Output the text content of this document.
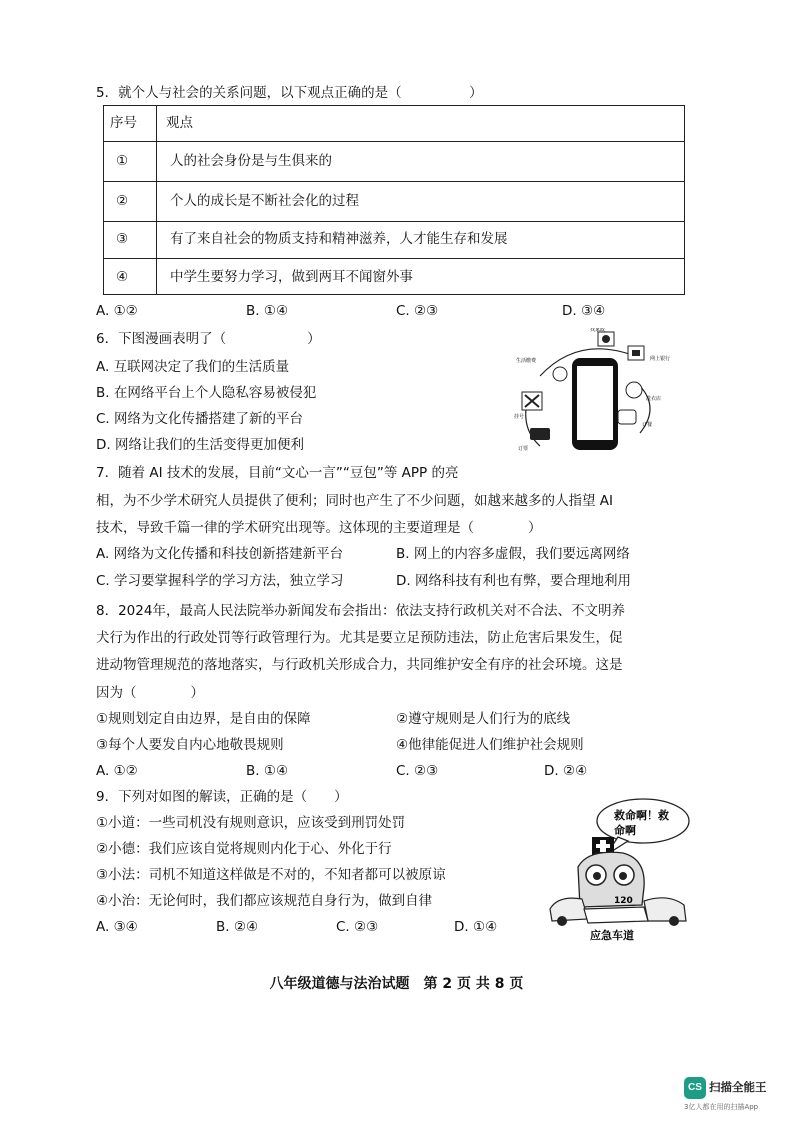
5．就个人与社会的关系问题，以下观点正确的是（　　　　　）
序号 观点
①	人的社会身份是与生俱来的
②	个人的成长是不断社会化的过程
③	有了来自社会的物质支持和精神滋养，人才能生存和发展
④	中学生要努力学习，做到两耳不闻窗外事
A. ①②	B. ①④	C. ②③	D. ③④
6．下图漫画表明了（　　　　　　）
A. 互联网决定了我们的生活质量
B. 在网络平台上个人隐私容易被侵犯
C. 网络为文化传播搭建了新的平台
D. 网络让我们的生活变得更加便利
找家政
生活缴费	网上银行
挂号
洗衣店
订餐
订票
7．随着 AI 技术的发展，目前“文心一言”“豆包”等 APP 的亮
相，为不少学术研究人员提供了便利；同时也产生了不少问题，如越来越多的人指望 AI
技术，导致千篇一律的学术研究出现等。这体现的主要道理是（　　　　）
A. 网络为文化传播和科技创新搭建新平台	B. 网上的内容多虚假，我们要远离网络
C. 学习要掌握科学的学习方法，独立学习	D. 网络科技有利也有弊，要合理地利用
8．2024年，最高人民法院举办新闻发布会指出：依法支持行政机关对不合法、不文明养
犬行为作出的行政处罚等行政管理行为。尤其是要立足预防违法，防止危害后果发生，促
进动物管理规范的落地落实，与行政机关形成合力，共同维护安全有序的社会环境。这是
因为（　　　　）
①规则划定自由边界，是自由的保障	②遵守规则是人们行为的底线
③每个人要发自内心地敬畏规则	④他律能促进人们维护社会规则
A. ①②	B. ①④	C. ②③	D. ②④
9．下列对如图的解读，正确的是（　　）
①小道：一些司机没有规则意识，应该受到刑罚处罚
②小德：我们应该自觉将规则内化于心、外化于行
③小法：司机不知道这样做是不对的，不知者都可以被原谅
④小治：无论何时，我们都应该规范自身行为，做到自律
A. ③④	B. ②④	C. ②③	D. ①④
救命啊！救
命啊
120
应急车道
八年级道德与法治试题　第 2 页 共 8 页
CS 扫描全能王
3亿人都在用的扫描App
